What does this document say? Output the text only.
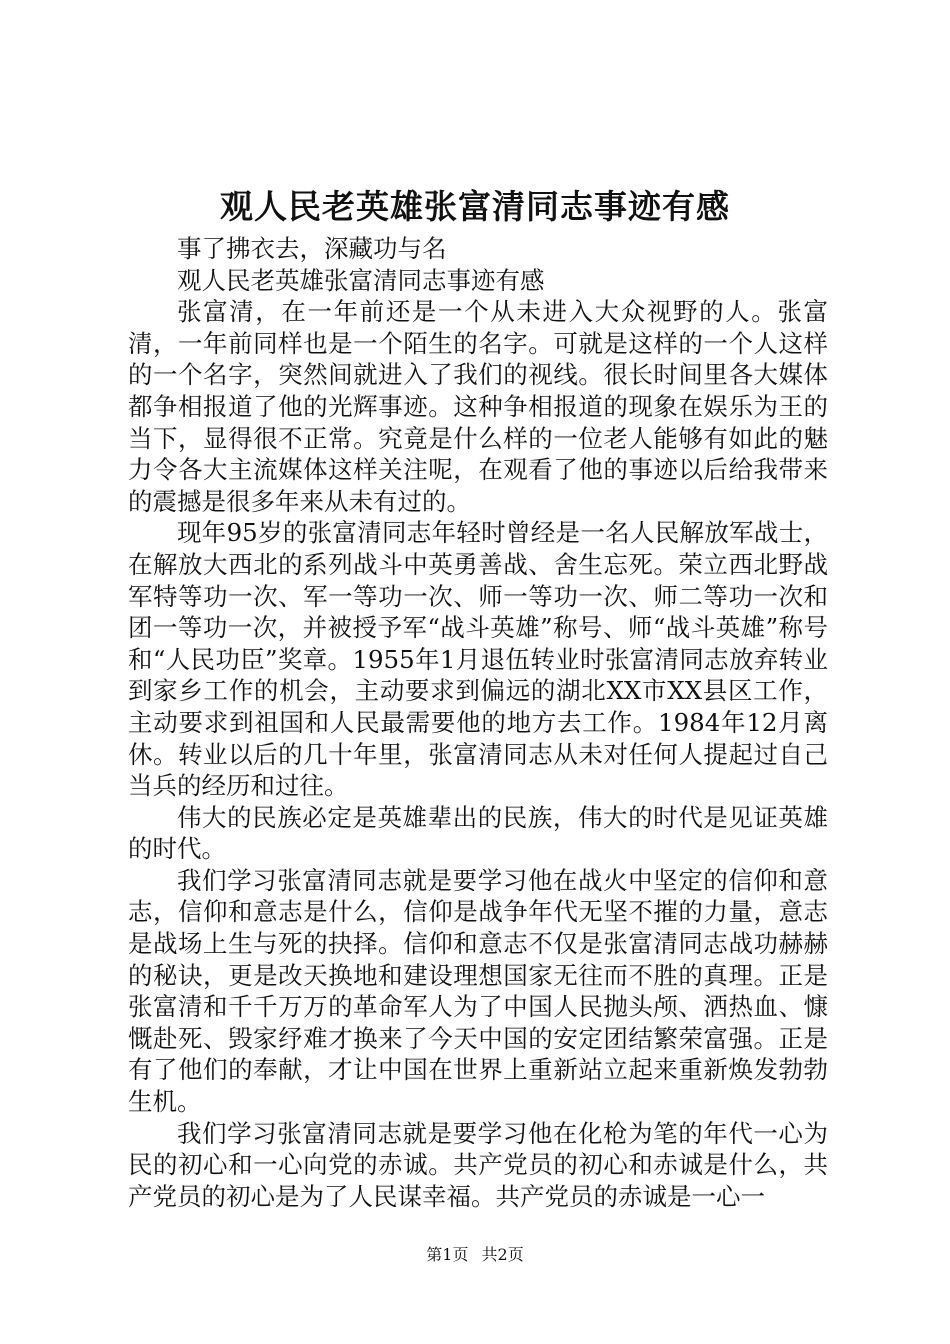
观人民老英雄张富清同志事迹有感

事了拂衣去，深藏功与名

观人民老英雄张富清同志事迹有感

张富清，在一年前还是一个从未进入大众视野的人。张富清，一年前同样也是一个陌生的名字。可就是这样的一个人这样的一个名字，突然间就进入了我们的视线。很长时间里各大媒体都争相报道了他的光辉事迹。这种争相报道的现象在娱乐为王的当下，显得很不正常。究竟是什么样的一位老人能够有如此的魅力令各大主流媒体这样关注呢，在观看了他的事迹以后给我带来的震撼是很多年来从未有过的。

现年95岁的张富清同志年轻时曾经是一名人民解放军战士，在解放大西北的系列战斗中英勇善战、舍生忘死。荣立西北野战军特等功一次、军一等功一次、师一等功一次、师二等功一次和团一等功一次，并被授予军“战斗英雄”称号、师“战斗英雄”称号和“人民功臣”奖章。1955年1月退伍转业时张富清同志放弃转业到家乡工作的机会，主动要求到偏远的湖北XX市XX县区工作，主动要求到祖国和人民最需要他的地方去工作。1984年12月离休。转业以后的几十年里，张富清同志从未对任何人提起过自己当兵的经历和过往。

伟大的民族必定是英雄辈出的民族，伟大的时代是见证英雄的时代。

我们学习张富清同志就是要学习他在战火中坚定的信仰和意志，信仰和意志是什么，信仰是战争年代无坚不摧的力量，意志是战场上生与死的抉择。信仰和意志不仅是张富清同志战功赫赫的秘诀，更是改天换地和建设理想国家无往而不胜的真理。正是张富清和千千万万的革命军人为了中国人民抛头颅、洒热血、慷慨赴死、毁家纾难才换来了今天中国的安定团结繁荣富强。正是有了他们的奉献，才让中国在世界上重新站立起来重新焕发勃勃生机。

我们学习张富清同志就是要学习他在化枪为笔的年代一心为民的初心和一心向党的赤诚。共产党员的初心和赤诚是什么，共产党员的初心是为了人民谋幸福。共产党员的赤诚是一心一

第1页 共2页
